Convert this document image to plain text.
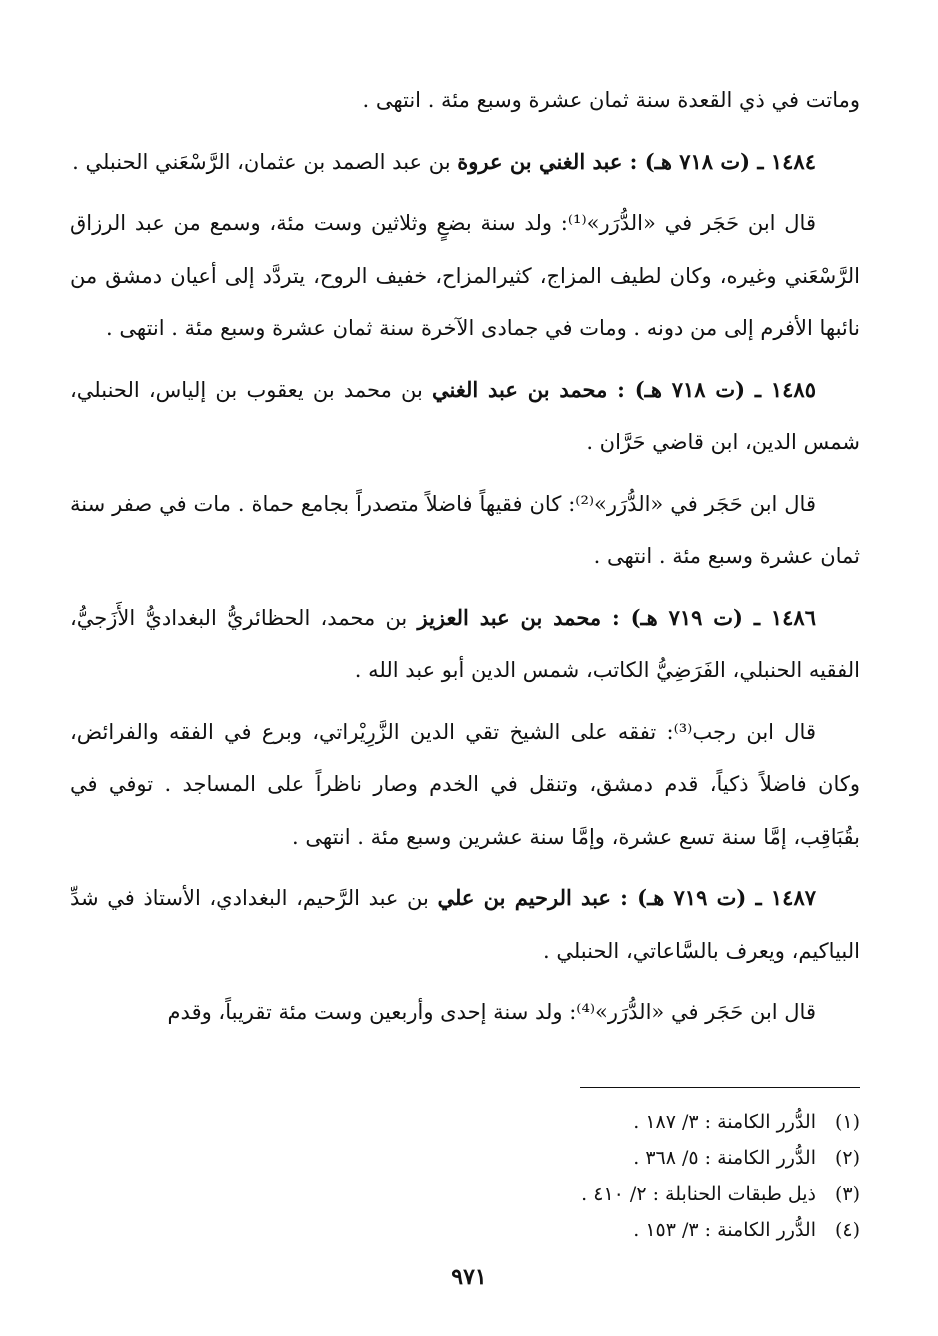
وماتت في ذي القعدة سنة ثمان عشرة وسبع مئة . انتهى .

١٤٨٤ ـ (ت ٧١٨ هـ) : عبد الغني بن عروة بن عبد الصمد بن عثمان، الرَّسْعَني الحنبلي .

قال ابن حَجَر في «الدُّرَر»⁽¹⁾: ولد سنة بضعٍ وثلاثين وست مئة، وسمع من عبد الرزاق الرَّسْعَني وغيره، وكان لطيف المزاج، كثيرالمزاح، خفيف الروح، يتردَّد إلى أعيان دمشق من نائبها الأفرم إلى من دونه . ومات في جمادى الآخرة سنة ثمان عشرة وسبع مئة . انتهى .

١٤٨٥ ـ (ت ٧١٨ هـ) : محمد بن عبد الغني بن محمد بن يعقوب بن إلياس، الحنبلي، شمس الدين، ابن قاضي حَرَّان .

قال ابن حَجَر في «الدُّرَر»⁽²⁾: كان فقيهاً فاضلاً متصدراً بجامع حماة . مات في صفر سنة ثمان عشرة وسبع مئة . انتهى .

١٤٨٦ ـ (ت ٧١٩ هـ) : محمد بن عبد العزيز بن محمد، الحظائريُّ البغداديُّ الأَزَجيُّ، الفقيه الحنبلي، الفَرَضِيُّ الكاتب، شمس الدين أبو عبد الله .

قال ابن رجب⁽³⁾: تفقه على الشيخ تقي الدين الزَّرِيْراتي، وبرع في الفقه والفرائض، وكان فاضلاً ذكياً، قدم دمشق، وتنقل في الخدم وصار ناظراً على المساجد . توفي في بقُبَاقِب، إمَّا سنة تسع عشرة، وإمَّا سنة عشرين وسبع مئة . انتهى .

١٤٨٧ ـ (ت ٧١٩ هـ) : عبد الرحيم بن علي بن عبد الرَّحيم، البغدادي، الأستاذ في شدِّ البياكيم، ويعرف بالسَّاعاتي، الحنبلي .

قال ابن حَجَر في «الدُّرَر»⁽⁴⁾: ولد سنة إحدى وأربعين وست مئة تقريباً، وقدم

(١)الدُّرر الكامنة : ٣/ ١٨٧ .
(٢)الدُّرر الكامنة : ٥/ ٣٦٨ .
(٣)ذيل طبقات الحنابلة : ٢/ ٤١٠ .
(٤)الدُّرر الكامنة : ٣/ ١٥٣ .
٩٧١
